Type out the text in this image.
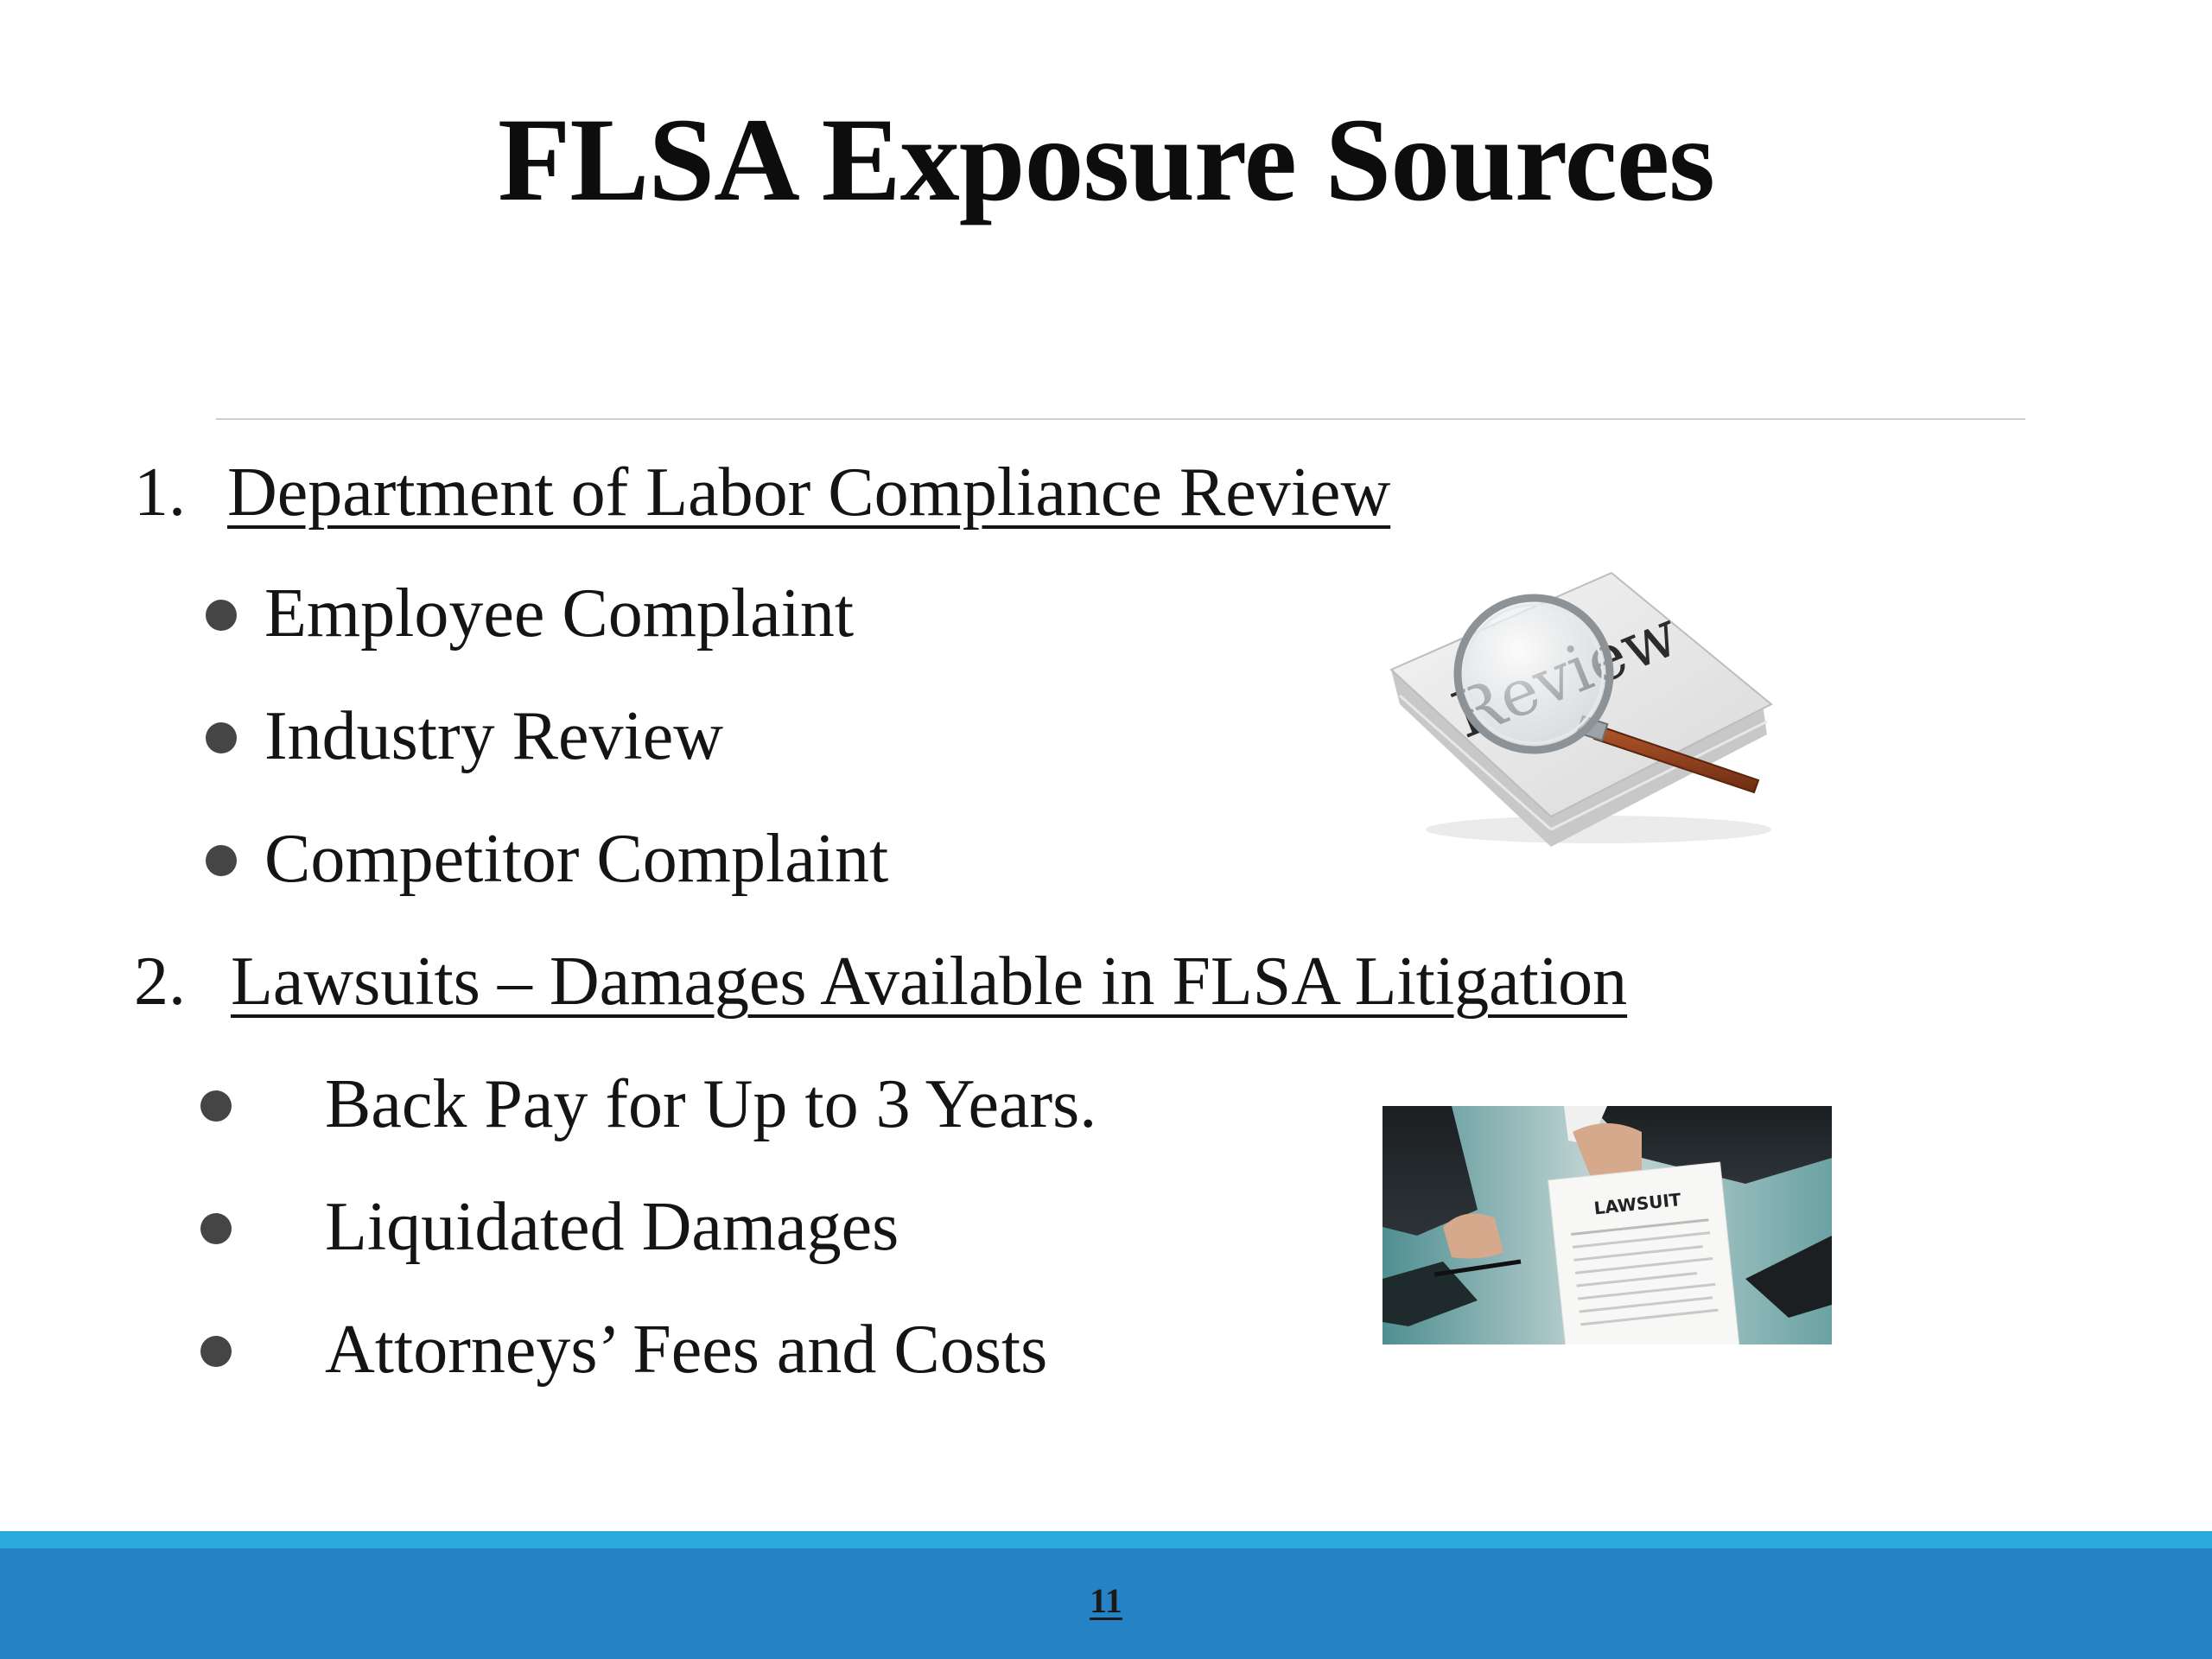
FLSA Exposure Sources
1. Department of Labor Compliance Review
Employee Complaint
Industry Review
Competitor Complaint
2. Lawsuits – Damages Available in FLSA Litigation
Back Pay for Up to 3 Years.
Liquidated Damages
Attorneys’ Fees and Costs
LAWSUIT
11
